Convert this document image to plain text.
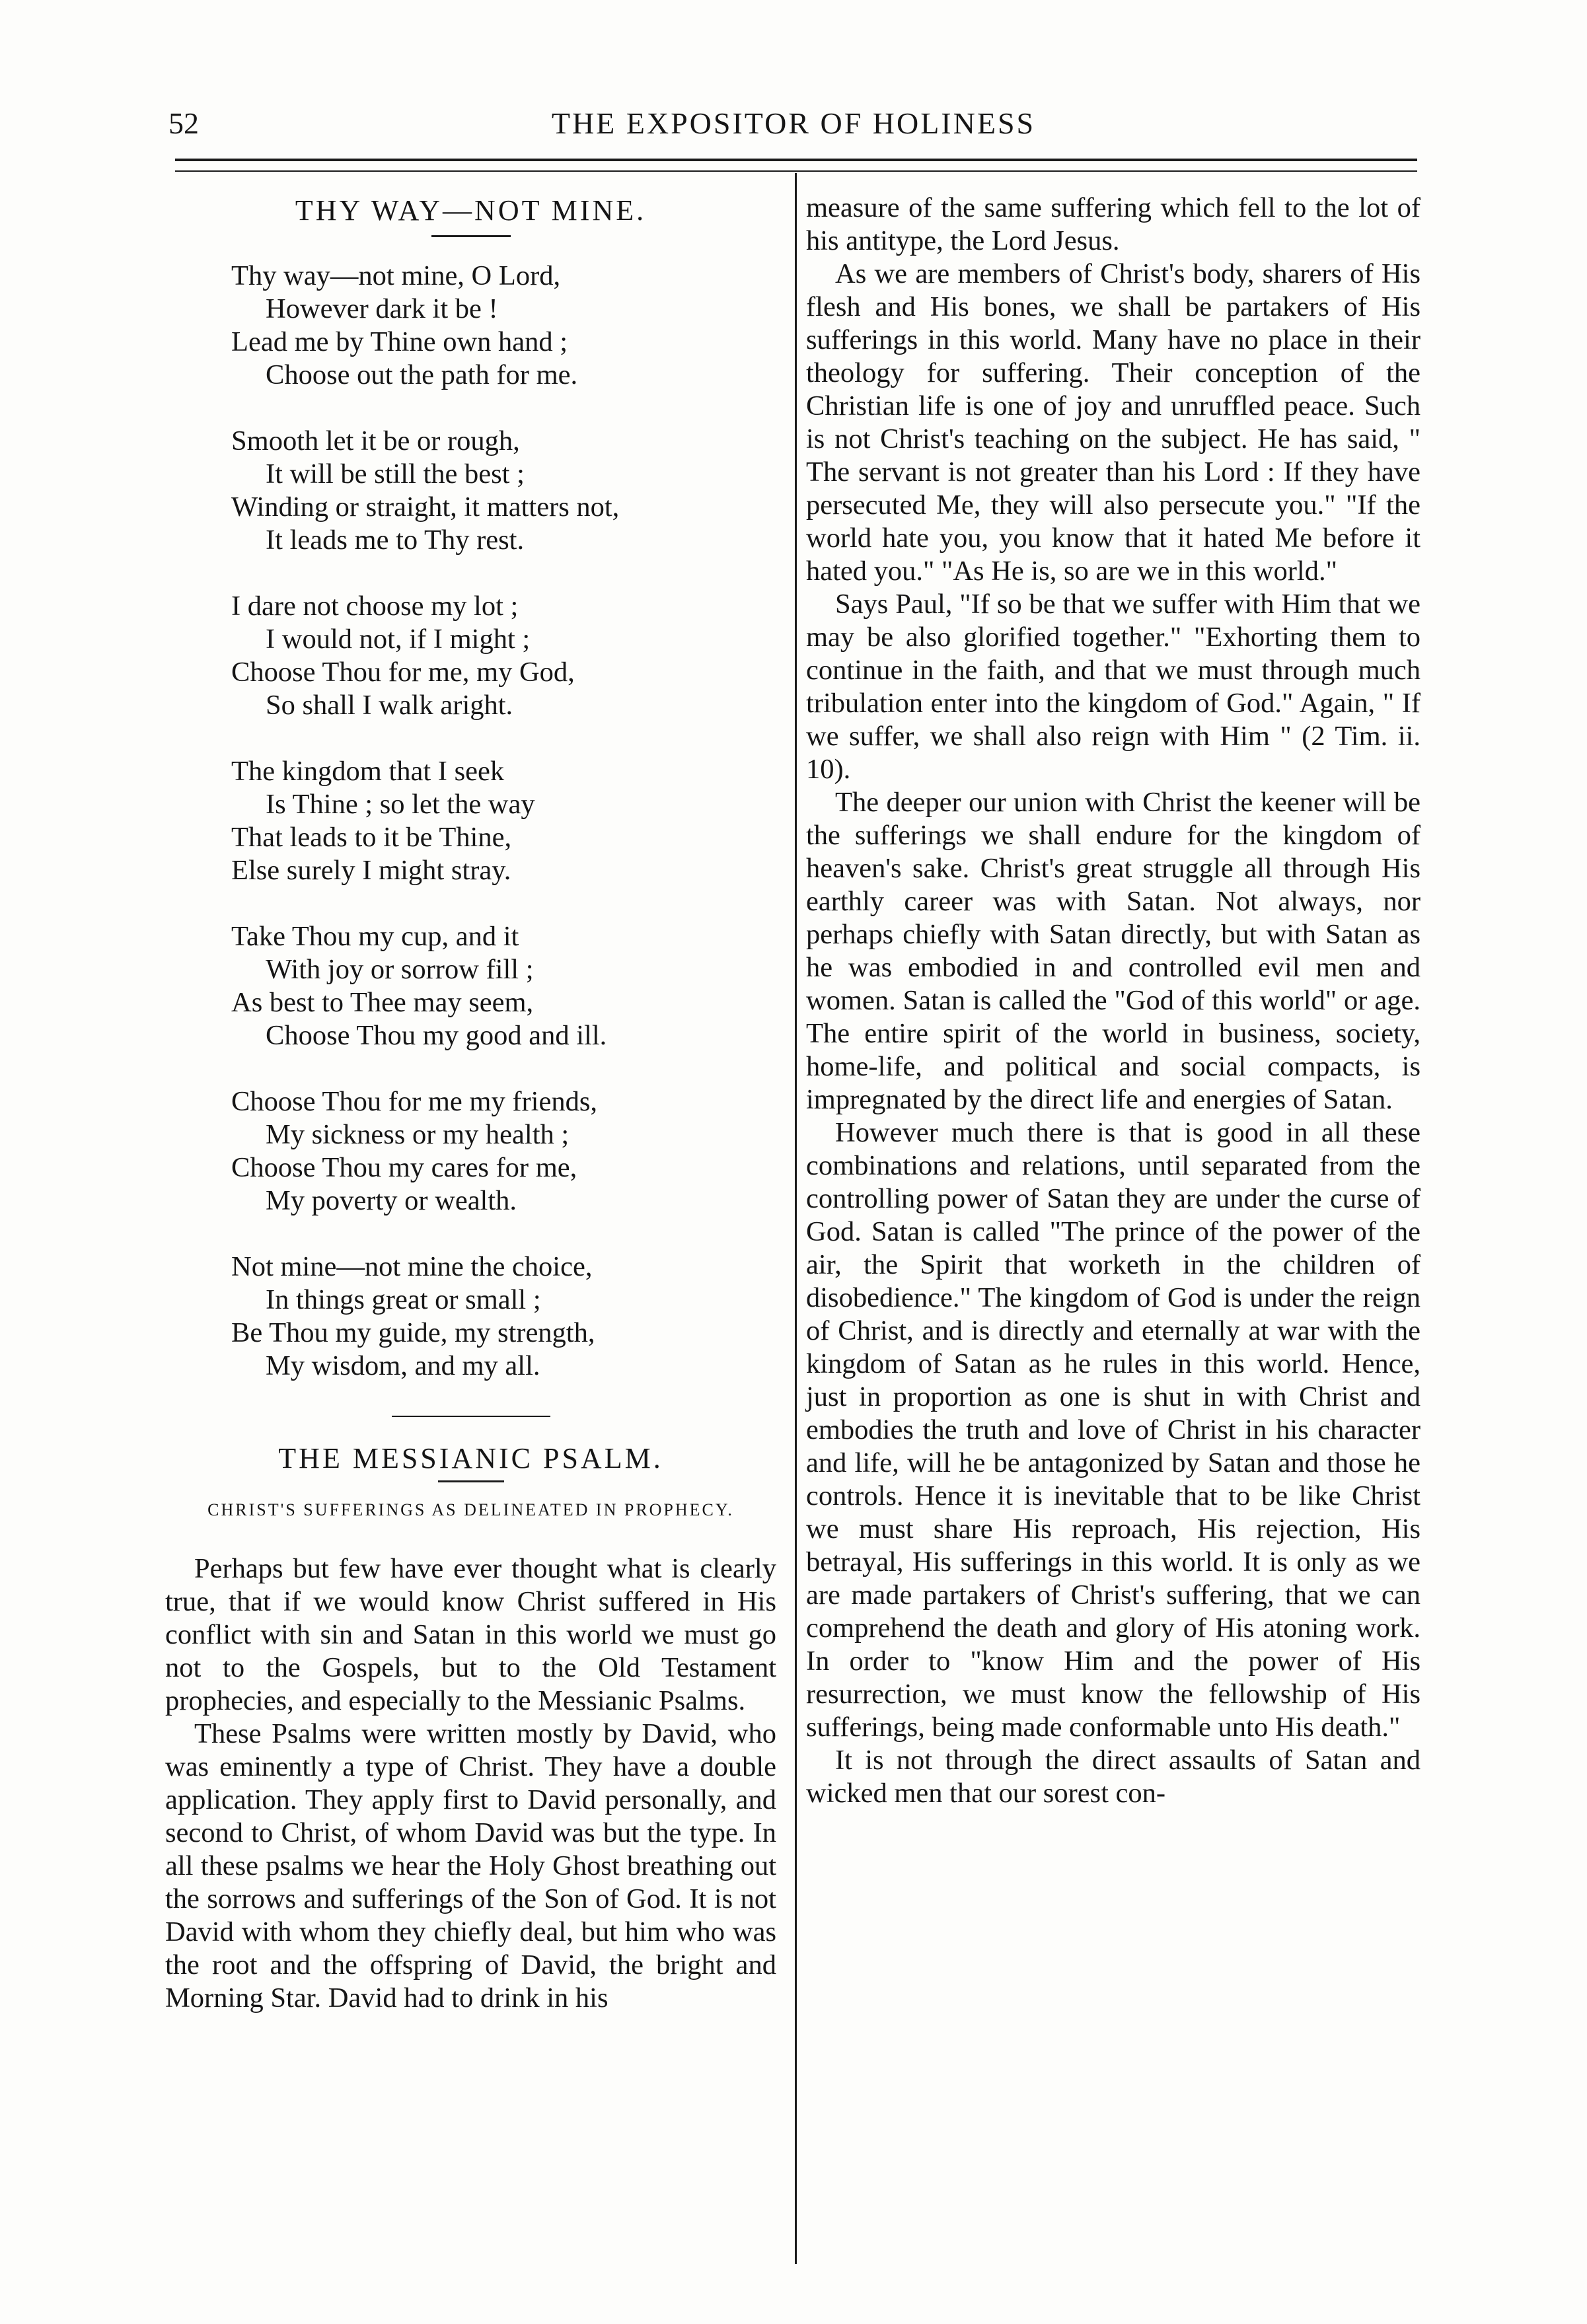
52	THE EXPOSITOR OF HOLINESS
THY WAY—NOT MINE.
Thy way—not mine, O Lord,
However dark it be !
Lead me by Thine own hand ;
Choose out the path for me.
Smooth let it be or rough,
It will be still the best ;
Winding or straight, it matters not,
It leads me to Thy rest.
I dare not choose my lot ;
I would not, if I might ;
Choose Thou for me, my God,
So shall I walk aright.
The kingdom that I seek
Is Thine ; so let the way
That leads to it be Thine,
Else surely I might stray.
Take Thou my cup, and it
With joy or sorrow fill ;
As best to Thee may seem,
Choose Thou my good and ill.
Choose Thou for me my friends,
My sickness or my health ;
Choose Thou my cares for me,
My poverty or wealth.
Not mine—not mine the choice,
In things great or small ;
Be Thou my guide, my strength,
My wisdom, and my all.
THE MESSIANIC PSALM.
CHRIST'S SUFFERINGS AS DELINEATED IN PROPHECY.

Perhaps but few have ever thought what is clearly true, that if we would know Christ suffered in His conflict with sin and Satan in this world we must go not to the Gospels, but to the Old Testament prophecies, and especially to the Messianic Psalms.

These Psalms were written mostly by David, who was eminently a type of Christ. They have a double application. They apply first to David personally, and second to Christ, of whom David was but the type. In all these psalms we hear the Holy Ghost breathing out the sorrows and sufferings of the Son of God. It is not David with whom they chiefly deal, but him who was the root and the offspring of David, the bright and Morning Star. David had to drink in his

measure of the same suffering which fell to the lot of his antitype, the Lord Jesus.

As we are members of Christ's body, sharers of His flesh and His bones, we shall be partakers of His sufferings in this world. Many have no place in their theology for suffering. Their conception of the Christian life is one of joy and unruffled peace. Such is not Christ's teaching on the subject. He has said, " The servant is not greater than his Lord : If they have persecuted Me, they will also persecute you." "If the world hate you, you know that it hated Me before it hated you." "As He is, so are we in this world."

Says Paul, "If so be that we suffer with Him that we may be also glorified together." "Exhorting them to continue in the faith, and that we must through much tribulation enter into the kingdom of God." Again, " If we suffer, we shall also reign with Him " (2 Tim. ii. 10).

The deeper our union with Christ the keener will be the sufferings we shall endure for the kingdom of heaven's sake. Christ's great struggle all through His earthly career was with Satan. Not always, nor perhaps chiefly with Satan directly, but with Satan as he was embodied in and controlled evil men and women. Satan is called the "God of this world" or age. The entire spirit of the world in business, society, home-life, and political and social compacts, is impregnated by the direct life and energies of Satan.

However much there is that is good in all these combinations and relations, until separated from the controlling power of Satan they are under the curse of God. Satan is called "The prince of the power of the air, the Spirit that worketh in the children of disobedience." The kingdom of God is under the reign of Christ, and is directly and eternally at war with the kingdom of Satan as he rules in this world. Hence, just in proportion as one is shut in with Christ and embodies the truth and love of Christ in his character and life, will he be antagonized by Satan and those he controls. Hence it is inevitable that to be like Christ we must share His reproach, His rejection, His betrayal, His sufferings in this world. It is only as we are made partakers of Christ's suffering, that we can comprehend the death and glory of His atoning work. In order to "know Him and the power of His resurrection, we must know the fellowship of His sufferings, being made conformable unto His death."

It is not through the direct assaults of Satan and wicked men that our sorest con-
